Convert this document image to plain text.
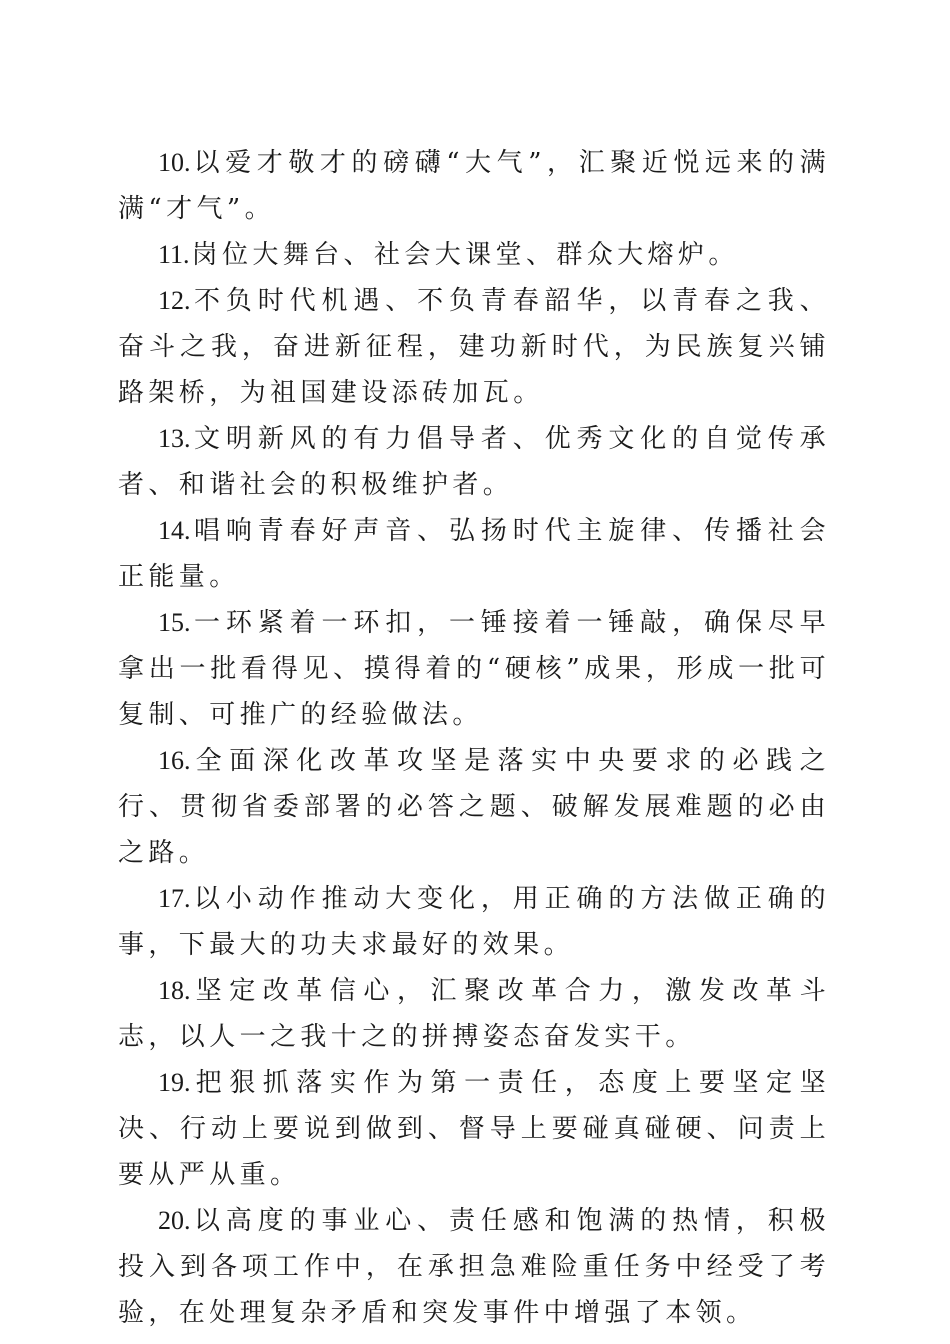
10.以爱才敬才的磅礴“大气”，汇聚近悦远来的满满“才气”。

11.岗位大舞台、社会大课堂、群众大熔炉。

12.不负时代机遇、不负青春韶华，以青春之我、奋斗之我，奋进新征程，建功新时代，为民族复兴铺路架桥，为祖国建设添砖加瓦。

13.文明新风的有力倡导者、优秀文化的自觉传承者、和谐社会的积极维护者。

14.唱响青春好声音、弘扬时代主旋律、传播社会正能量。

15.一环紧着一环扣，一锤接着一锤敲，确保尽早拿出一批看得见、摸得着的“硬核”成果，形成一批可复制、可推广的经验做法。

16.全面深化改革攻坚是落实中央要求的必践之行、贯彻省委部署的必答之题、破解发展难题的必由之路。

17.以小动作推动大变化，用正确的方法做正确的事，下最大的功夫求最好的效果。

18.坚定改革信心，汇聚改革合力，激发改革斗志，以人一之我十之的拼搏姿态奋发实干。

19.把狠抓落实作为第一责任，态度上要坚定坚决、行动上要说到做到、督导上要碰真碰硬、问责上要从严从重。

20.以高度的事业心、责任感和饱满的热情，积极投入到各项工作中，在承担急难险重任务中经受了考验，在处理复杂矛盾和突发事件中增强了本领。
